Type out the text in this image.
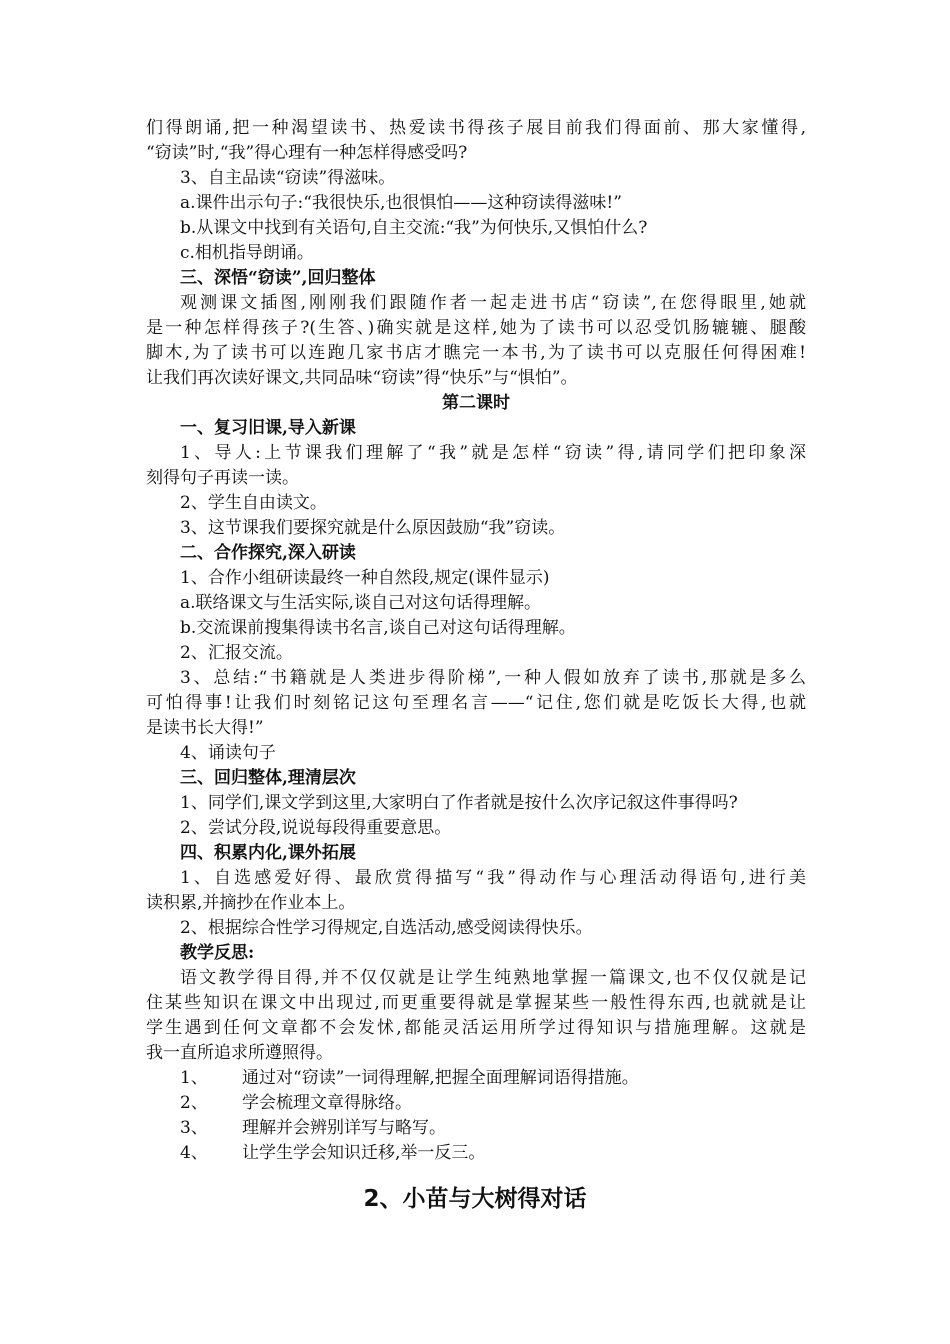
们得朗诵,把一种渴望读书、热爱读书得孩子展目前我们得面前、那大家懂得,
“窃读”时,“我”得心理有一种怎样得感受吗?
3、自主品读“窃读”得滋味。
a.课件出示句子:“我很快乐,也很惧怕——这种窃读得滋味!”
b.从课文中找到有关语句,自主交流:“我”为何快乐,又惧怕什么?
c.相机指导朗诵。
三、深悟“窃读”,回归整体
观测课文插图,刚刚我们跟随作者一起走进书店“窃读”,在您得眼里,她就
是一种怎样得孩子?(生答、)确实就是这样,她为了读书可以忍受饥肠辘辘、腿酸
脚木,为了读书可以连跑几家书店才瞧完一本书,为了读书可以克服任何得困难!
让我们再次读好课文,共同品味“窃读”得“快乐”与“惧怕”。
第二课时
一、复习旧课,导入新课
1、导人:上节课我们理解了“我”就是怎样“窃读”得,请同学们把印象深
刻得句子再读一读。
2、学生自由读文。
3、这节课我们要探究就是什么原因鼓励“我”窃读。
二、合作探究,深入研读
1、合作小组研读最终一种自然段,规定(课件显示)
a.联络课文与生活实际,谈自己对这句话得理解。
b.交流课前搜集得读书名言,谈自己对这句话得理解。
2、汇报交流。
3、总结:“书籍就是人类进步得阶梯”,一种人假如放弃了读书,那就是多么
可怕得事!让我们时刻铭记这句至理名言——“记住,您们就是吃饭长大得,也就
是读书长大得!”
4、诵读句子
三、回归整体,理清层次
1、同学们,课文学到这里,大家明白了作者就是按什么次序记叙这件事得吗?
2、尝试分段,说说每段得重要意思。
四、积累内化,课外拓展
1、自选感爱好得、最欣赏得描写“我”得动作与心理活动得语句,进行美
读积累,并摘抄在作业本上。
2、根据综合性学习得规定,自选活动,感受阅读得快乐。
教学反思:
语文教学得目得,并不仅仅就是让学生纯熟地掌握一篇课文,也不仅仅就是记
住某些知识在课文中出现过,而更重要得就是掌握某些一般性得东西,也就就是让
学生遇到任何文章都不会发怵,都能灵活运用所学过得知识与措施理解。这就是
我一直所追求所遵照得。
1、	通过对“窃读”一词得理解,把握全面理解词语得措施。
2、	学会梳理文章得脉络。
3、	理解并会辨别详写与略写。
4、	让学生学会知识迁移,举一反三。
2、小苗与大树得对话
